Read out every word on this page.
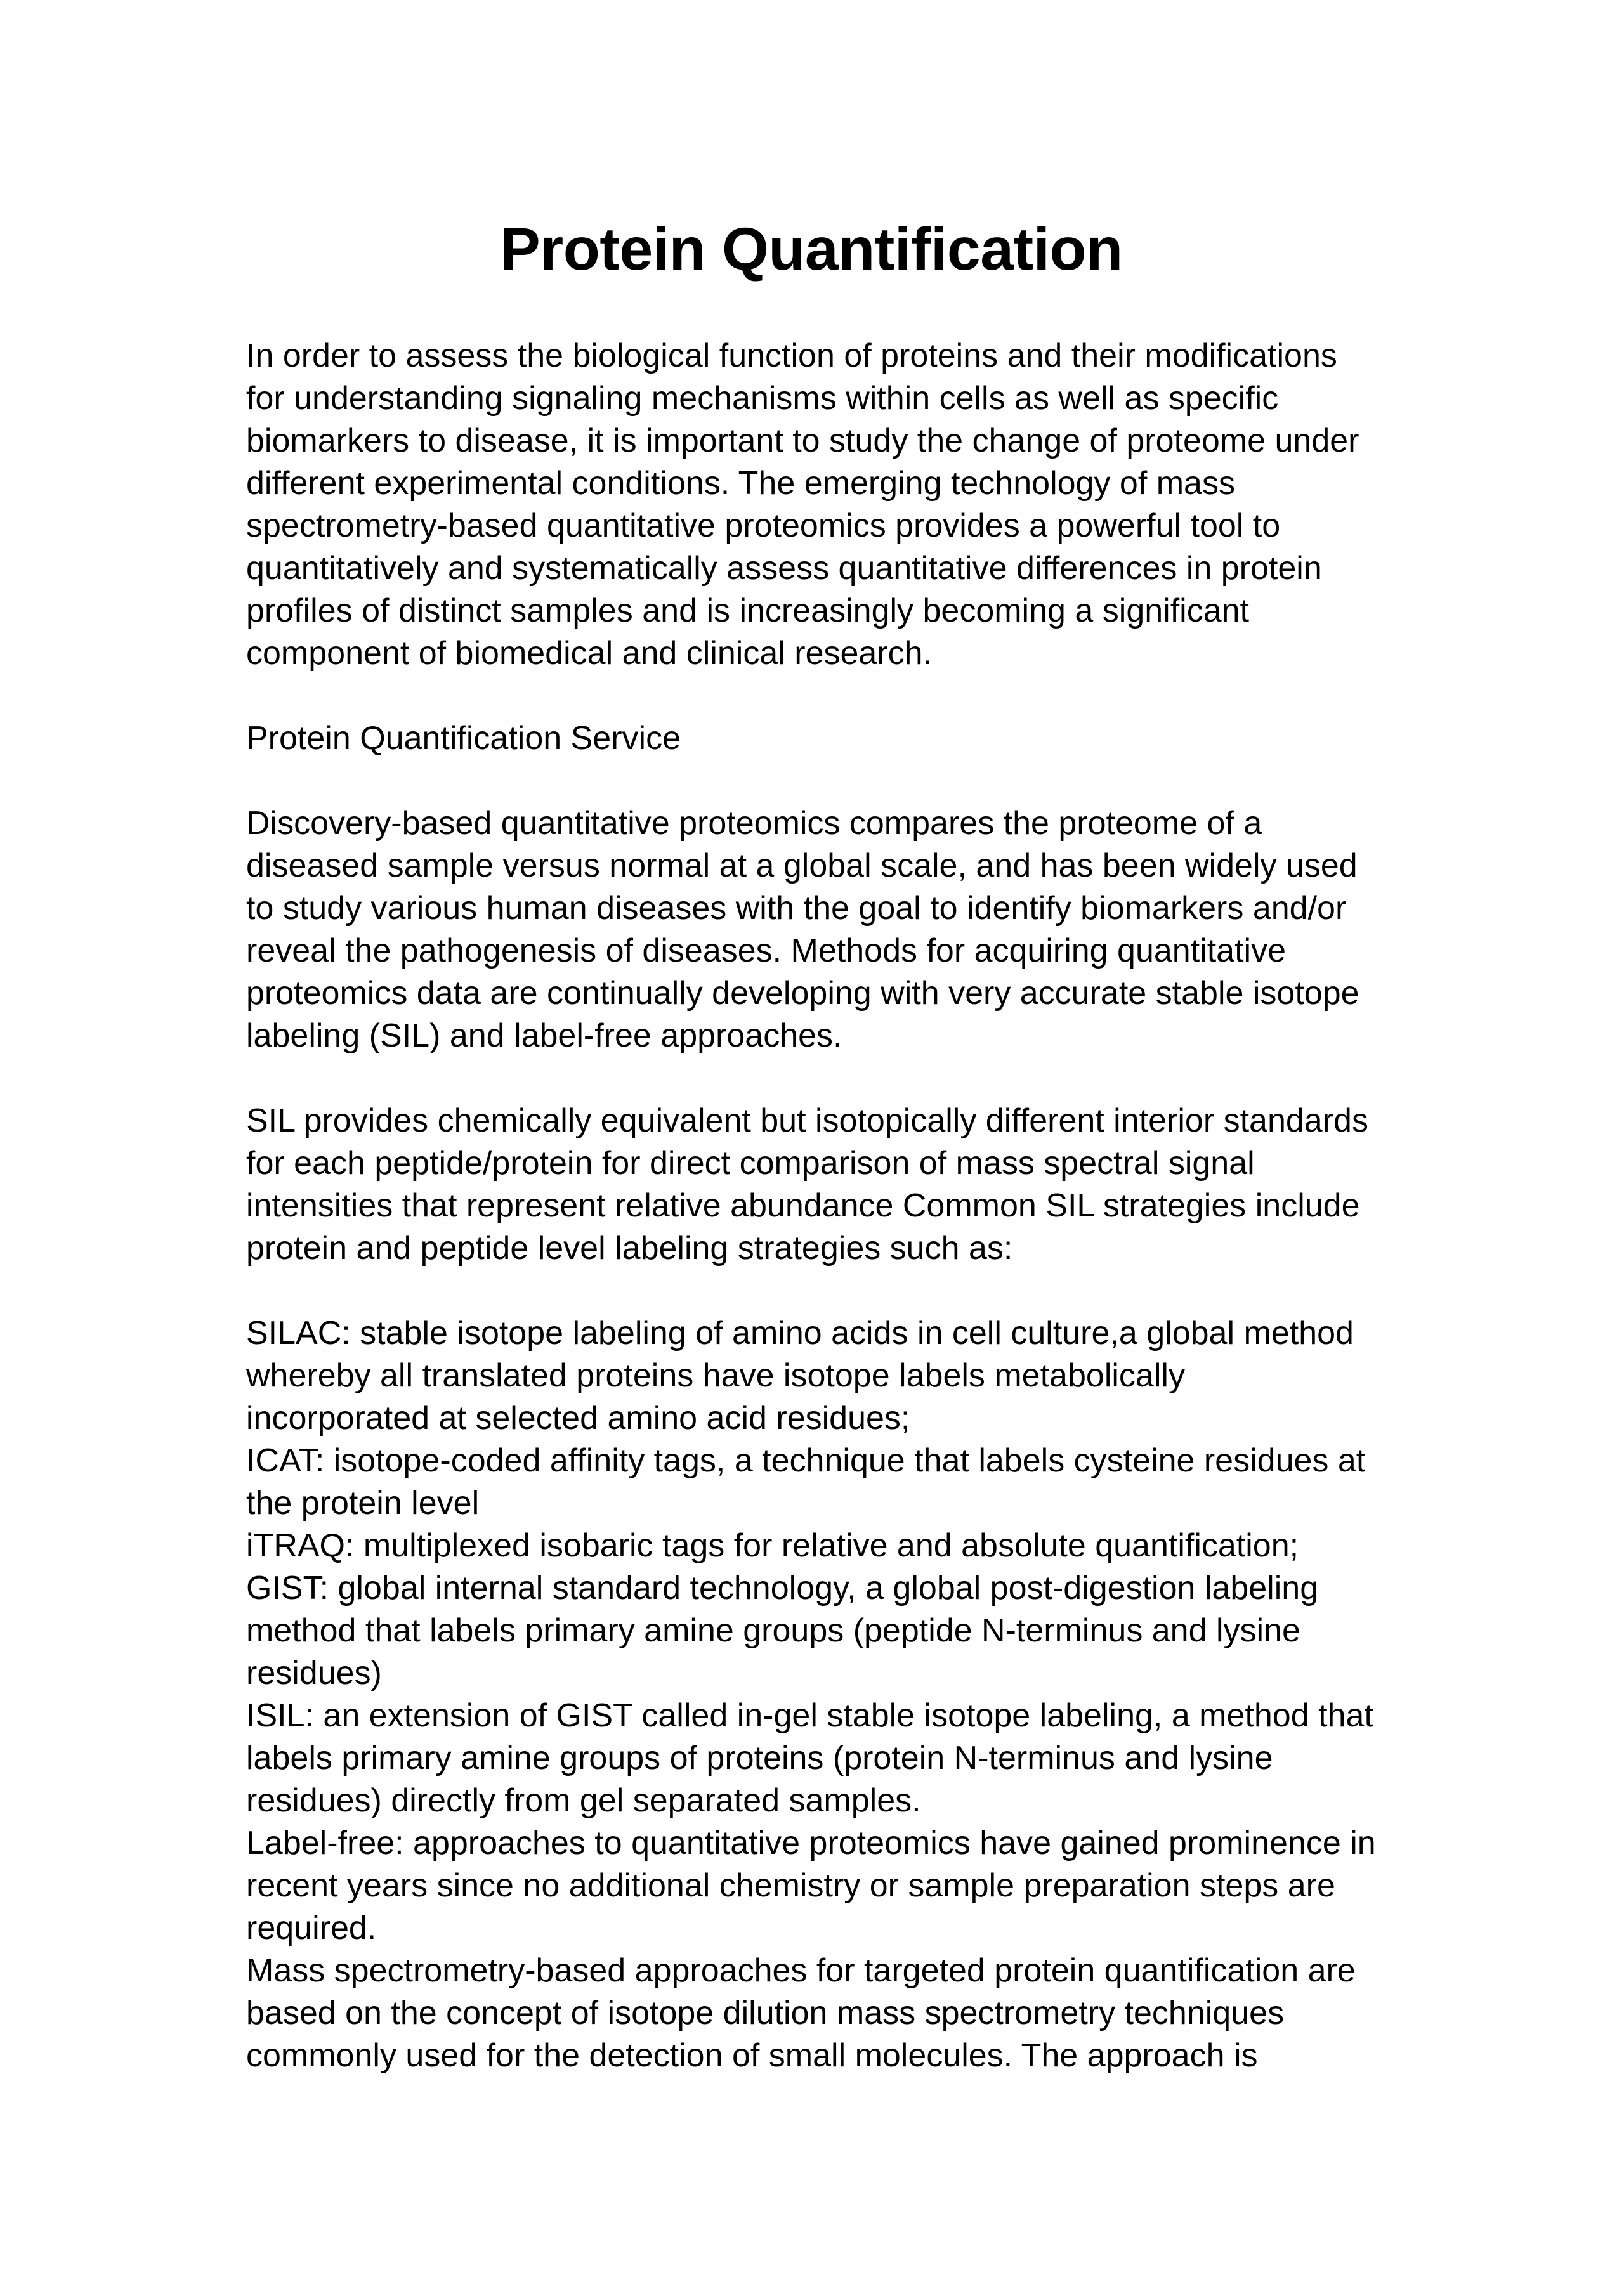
Protein Quantification

In order to assess the biological function of proteins and their modifications for understanding signaling mechanisms within cells as well as specific biomarkers to disease, it is important to study the change of proteome under different experimental conditions. The emerging technology of mass spectrometry-based quantitative proteomics provides a powerful tool to quantitatively and systematically assess quantitative differences in protein profiles of distinct samples and is increasingly becoming a significant component of biomedical and clinical research.

Protein Quantification Service

Discovery-based quantitative proteomics compares the proteome of a diseased sample versus normal at a global scale, and has been widely used to study various human diseases with the goal to identify biomarkers and/or reveal the pathogenesis of diseases. Methods for acquiring quantitative proteomics data are continually developing with very accurate stable isotope labeling (SIL) and label-free approaches.

SIL provides chemically equivalent but isotopically different interior standards for each peptide/protein for direct comparison of mass spectral signal intensities that represent relative abundance Common SIL strategies include protein and peptide level labeling strategies such as:

SILAC: stable isotope labeling of amino acids in cell culture,a global method whereby all translated proteins have isotope labels metabolically incorporated at selected amino acid residues;
ICAT: isotope-coded affinity tags, a technique that labels cysteine residues at the protein level
iTRAQ: multiplexed isobaric tags for relative and absolute quantification;
GIST: global internal standard technology, a global post-digestion labeling method that labels primary amine groups (peptide N-terminus and lysine residues)
ISIL: an extension of GIST called in-gel stable isotope labeling, a method that labels primary amine groups of proteins (protein N-terminus and lysine residues) directly from gel separated samples.
Label-free: approaches to quantitative proteomics have gained prominence in recent years since no additional chemistry or sample preparation steps are required.
Mass spectrometry-based approaches for targeted protein quantification are based on the concept of isotope dilution mass spectrometry techniques commonly used for the detection of small molecules. The approach is
